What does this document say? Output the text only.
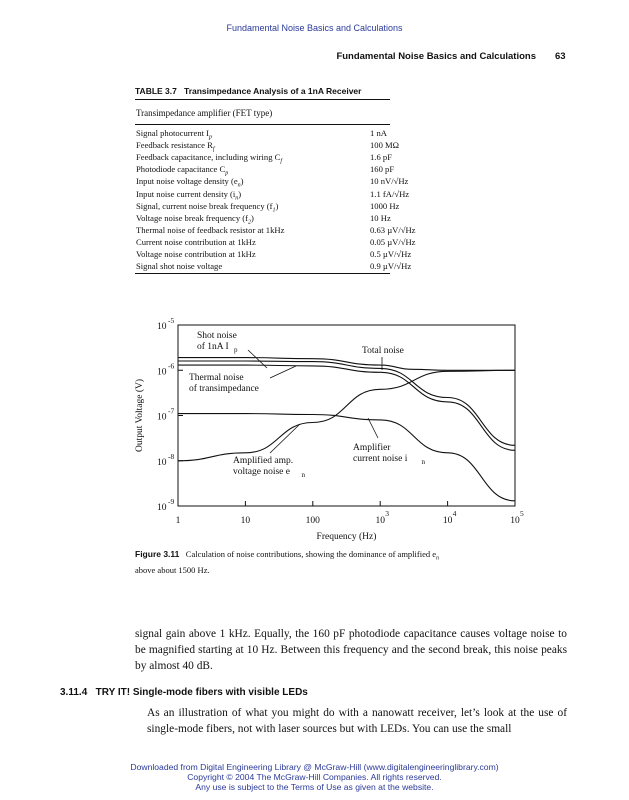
Fundamental Noise Basics and Calculations
Fundamental Noise Basics and Calculations	63
TABLE 3.7 Transimpedance Analysis of a 1nA Receiver
Transimpedance amplifier (FET type)
Signal photocurrent $I_p$	1 nA
Feedback resistance $R_f$	100 MΩ
Feedback capacitance, including wiring $C_f$	1.6 pF
Photodiode capacitance $C_p$	160 pF
Input noise voltage density $(e_n)$	10 nV/√Hz
Input noise current density $(i_n)$	1.1 fA/√Hz
Signal, current noise break frequency $(f_1)$	1000 Hz
Voltage noise break frequency $(f_2)$	10 Hz
Thermal noise of feedback resistor at 1kHz	0.63 µV/√Hz
Current noise contribution at 1kHz	0.05 µV/√Hz
Voltage noise contribution at 1kHz	0.5 µV/√Hz
Signal shot noise voltage	0.9 µV/√Hz
1	10	100	10
3
10
4
10
5
10
-5
10
-6
10
-7
10
-8
10
-9
Frequency (Hz)
Output Voltage (V)
Shot noise
of 1nA I p	Total noise
Thermal noise
of transimpedance
Amplified amp.
voltage noise e n
Amplifier
current noise i n
Figure 3.11 Calculation of noise contributions, showing the dominance of amplified $e_n$
above about 1500 Hz.
signal gain above 1 kHz. Equally, the 160 pF photodiode capacitance causes voltage noise to be magnified starting at 10 Hz. Between this frequency and the second break, this noise peaks by almost 40 dB.
3.11.4 TRY IT! Single-mode fibers with visible LEDs
As an illustration of what you might do with a nanowatt receiver, let’s look at the use of single-mode fibers, not with laser sources but with LEDs. You can use the small
Downloaded from Digital Engineering Library @ McGraw-Hill (www.digitalengineeringlibrary.com)
Copyright © 2004 The McGraw-Hill Companies. All rights reserved.
Any use is subject to the Terms of Use as given at the website.
